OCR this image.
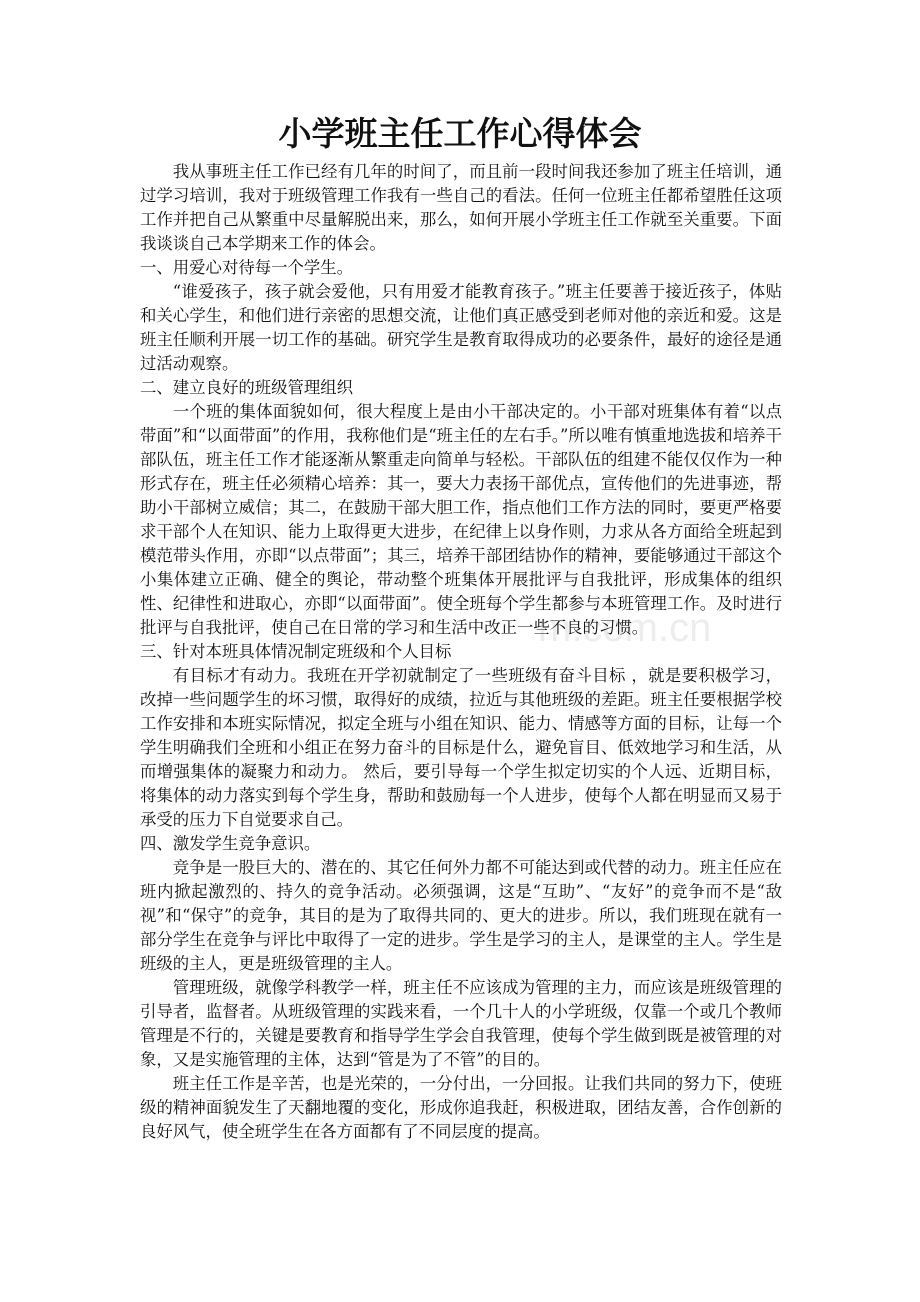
m.com.cn
小学班主任工作心得体会

我从事班主任工作已经有几年的时间了，而且前一段时间我还参加了班主任培训，通过学习培训，我对于班级管理工作我有一些自己的看法。任何一位班主任都希望胜任这项工作并把自己从繁重中尽量解脱出来，那么，如何开展小学班主任工作就至关重要。下面我谈谈自己本学期来工作的体会。

一、用爱心对待每一个学生。

“谁爱孩子，孩子就会爱他，只有用爱才能教育孩子。”班主任要善于接近孩子，体贴和关心学生，和他们进行亲密的思想交流，让他们真正感受到老师对他的亲近和爱。这是班主任顺利开展一切工作的基础。研究学生是教育取得成功的必要条件，最好的途径是通过活动观察。

二、建立良好的班级管理组织

一个班的集体面貌如何，很大程度上是由小干部决定的。小干部对班集体有着“以点带面”和“以面带面”的作用，我称他们是“班主任的左右手。”所以唯有慎重地选拔和培养干部队伍，班主任工作才能逐渐从繁重走向简单与轻松。干部队伍的组建不能仅仅作为一种形式存在，班主任必须精心培养：其一，要大力表扬干部优点，宣传他们的先进事迹，帮助小干部树立威信；其二，在鼓励干部大胆工作，指点他们工作方法的同时，要更严格要求干部个人在知识、能力上取得更大进步，在纪律上以身作则，力求从各方面给全班起到模范带头作用，亦即“以点带面”；其三，培养干部团结协作的精神，要能够通过干部这个小集体建立正确、健全的舆论，带动整个班集体开展批评与自我批评，形成集体的组织性、纪律性和进取心，亦即“以面带面”。使全班每个学生都参与本班管理工作。及时进行批评与自我批评，使自己在日常的学习和生活中改正一些不良的习惯。

三、针对本班具体情况制定班级和个人目标

有目标才有动力。我班在开学初就制定了一些班级有奋斗目标 ，就是要积极学习，改掉一些问题学生的坏习惯，取得好的成绩，拉近与其他班级的差距。班主任要根据学校工作安排和本班实际情况，拟定全班与小组在知识、能力、情感等方面的目标，让每一个学生明确我们全班和小组正在努力奋斗的目标是什么，避免盲目、低效地学习和生活，从而增强集体的凝聚力和动力。 然后，要引导每一个学生拟定切实的个人远、近期目标，将集体的动力落实到每个学生身，帮助和鼓励每一个人进步，使每个人都在明显而又易于承受的压力下自觉要求自己。

四、激发学生竞争意识。

竞争是一股巨大的、潜在的、其它任何外力都不可能达到或代替的动力。班主任应在班内掀起激烈的、持久的竞争活动。必须强调，这是“互助”、“友好”的竞争而不是“敌视”和“保守”的竞争，其目的是为了取得共同的、更大的进步。所以，我们班现在就有一部分学生在竞争与评比中取得了一定的进步。学生是学习的主人，是课堂的主人。学生是班级的主人，更是班级管理的主人。

管理班级，就像学科教学一样，班主任不应该成为管理的主力，而应该是班级管理的引导者，监督者。从班级管理的实践来看，一个几十人的小学班级，仅靠一个或几个教师管理是不行的，关键是要教育和指导学生学会自我管理，使每个学生做到既是被管理的对象，又是实施管理的主体，达到“管是为了不管”的目的。

班主任工作是辛苦，也是光荣的，一分付出，一分回报。让我们共同的努力下，使班级的精神面貌发生了天翻地覆的变化，形成你追我赶，积极进取，团结友善，合作创新的良好风气，使全班学生在各方面都有了不同层度的提高。
